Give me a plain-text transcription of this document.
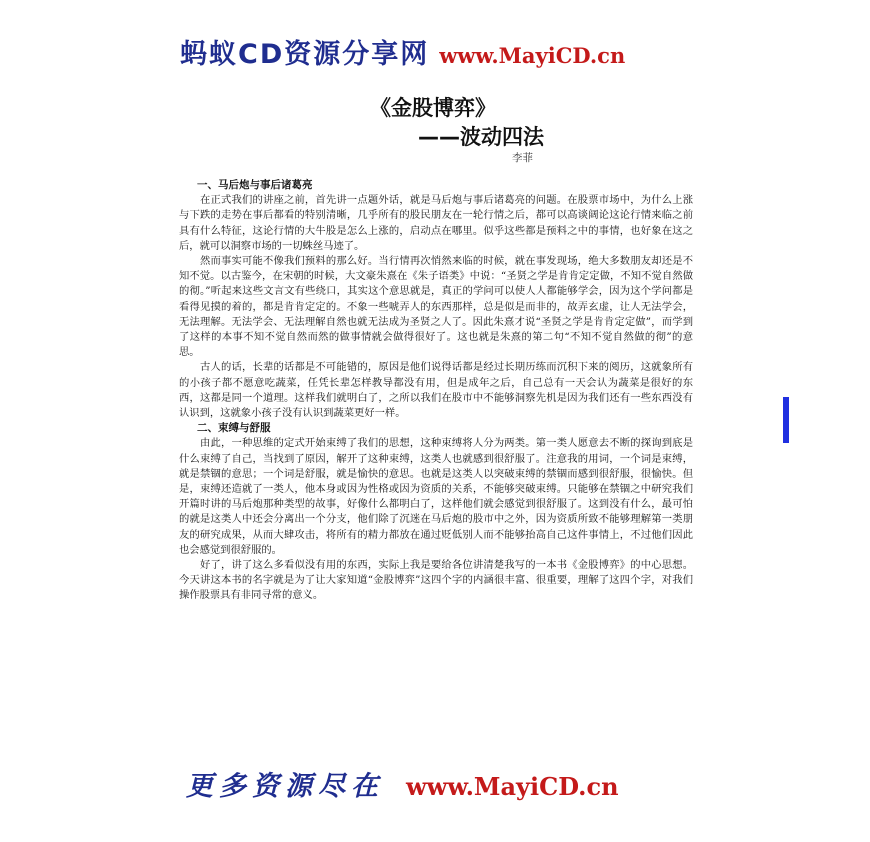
蚂蚁CD资源分享网 www.MayiCD.cn
《金股博弈》
——波动四法
李菲
一、马后炮与事后诸葛亮

在正式我们的讲座之前，首先讲一点题外话，就是马后炮与事后诸葛亮的问题。在股票市场中，为什么上涨与下跌的走势在事后都看的特别清晰，几乎所有的股民朋友在一轮行情之后，都可以高谈阔论这论行情来临之前具有什么特征，这论行情的大牛股是怎么上涨的，启动点在哪里。似乎这些都是预料之中的事情，也好象在这之后，就可以洞察市场的一切蛛丝马迹了。

然而事实可能不像我们预料的那么好。当行情再次悄然来临的时候，就在事发现场，绝大多数朋友却还是不知不觉。以古鉴今，在宋朝的时候，大文豪朱熹在《朱子语类》中说：“圣贤之学是肯肯定定做，不知不觉自然做的彻。”听起来这些文言文有些绕口，其实这个意思就是，真正的学问可以使人人都能够学会，因为这个学问都是看得见摸的着的，都是肯肯定定的。不象一些唬弄人的东西那样，总是似是而非的，故弄玄虚，让人无法学会，无法理解。无法学会、无法理解自然也就无法成为圣贤之人了。因此朱熹才说“圣贤之学是肯肯定定做”，而学到了这样的本事不知不觉自然而然的做事情就会做得很好了。这也就是朱熹的第二句“不知不觉自然做的彻”的意思。

古人的话，长辈的话都是不可能错的，原因是他们说得话都是经过长期历练而沉积下来的阅历，这就象所有的小孩子都不愿意吃蔬菜，任凭长辈怎样教导都没有用，但是成年之后，自己总有一天会认为蔬菜是很好的东西，这都是同一个道理。这样我们就明白了，之所以我们在股市中不能够洞察先机是因为我们还有一些东西没有认识到，这就象小孩子没有认识到蔬菜更好一样。

二、束缚与舒服

由此，一种思维的定式开始束缚了我们的思想，这种束缚将人分为两类。第一类人愿意去不断的探询到底是什么束缚了自己，当找到了原因，解开了这种束缚，这类人也就感到很舒服了。注意我的用词，一个词是束缚，就是禁锢的意思；一个词是舒服，就是愉快的意思。也就是这类人以突破束缚的禁锢而感到很舒服，很愉快。但是，束缚还造就了一类人，他本身或因为性格或因为资质的关系，不能够突破束缚。只能够在禁锢之中研究我们开篇时讲的马后炮那种类型的故事，好像什么都明白了，这样他们就会感觉到很舒服了。这到没有什么，最可怕的就是这类人中还会分离出一个分支，他们除了沉迷在马后炮的股市中之外，因为资质所致不能够理解第一类朋友的研究成果，从而大肆攻击，将所有的精力都放在通过贬低别人而不能够抬高自己这件事情上，不过他们因此也会感觉到很舒服的。

好了，讲了这么多看似没有用的东西，实际上我是要给各位讲清楚我写的一本书《金股博弈》的中心思想。今天讲这本书的名字就是为了让大家知道“金股博弈”这四个字的内涵很丰富、很重要，理解了这四个字，对我们操作股票具有非同寻常的意义。

更多资源尽在 www.MayiCD.cn
